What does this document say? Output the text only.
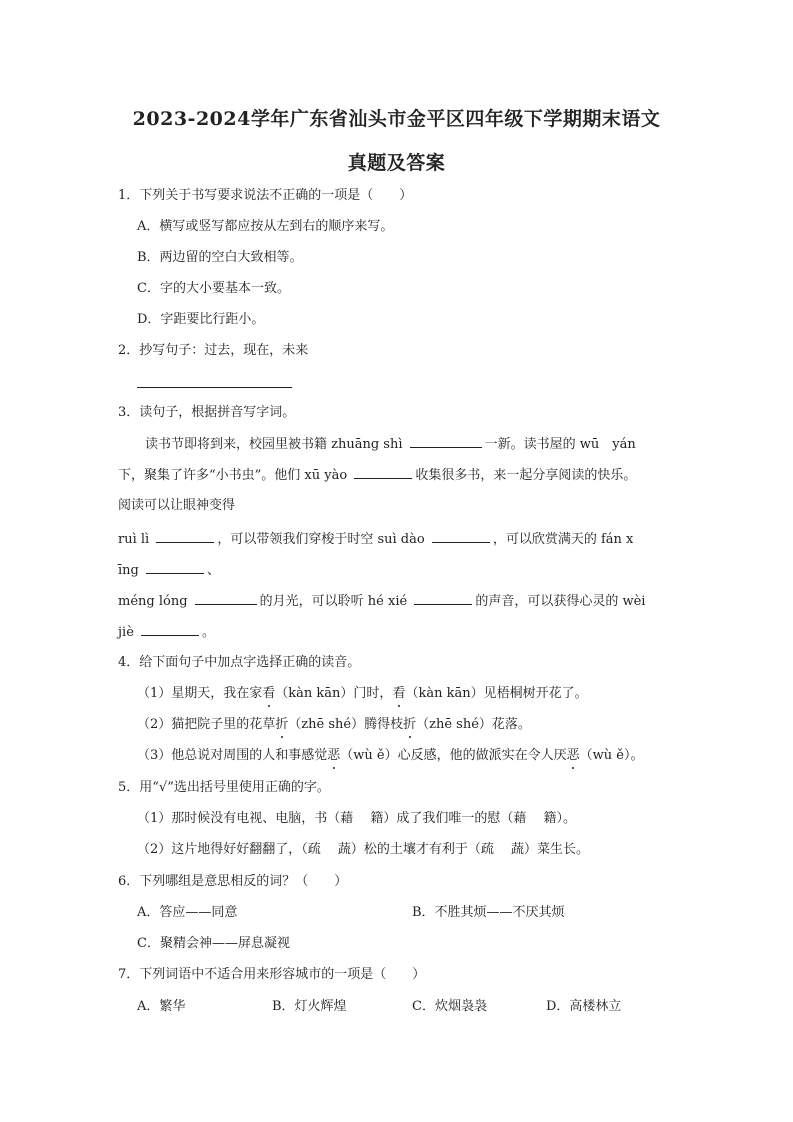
2023-2024学年广东省汕头市金平区四年级下学期期末语文
真题及答案
1．下列关于书写要求说法不正确的一项是（　　）
A．横写或竖写都应按从左到右的顺序来写。
B．两边留的空白大致相等。
C．字的大小要基本一致。
D．字距要比行距小。
2．抄写句子：过去，现在，未来
3．读句子，根据拼音写字词。
读书节即将到来，校园里被书籍 zhuāng shì	一新。读书屋的 wū　yán
下，聚集了许多“小书虫”。他们 xū yào	收集很多书，来一起分享阅读的快乐。
阅读可以让眼神变得
ruì lì	，可以带领我们穿梭于时空 suì dào	，可以欣赏满天的 fán x
īng	、
méng lóng	的月光，可以聆听 hé xié	的声音，可以获得心灵的 wèi
jiè	。
4．给下面句子中加点字选择正确的读音。
（1）星期天，我在家看（kàn kān）门时，看（kàn kān）见梧桐树开花了。
（2）猫把院子里的花草折（zhē shé）腾得枝折（zhē shé）花落。
（3）他总说对周围的人和事感觉恶（wù ě）心反感，他的做派实在令人厌恶（wù ě）。
5．用“√”选出括号里使用正确的字。
（1）那时候没有电视、电脑，书（藉　 籍）成了我们唯一的慰（藉　 籍）。
（2）这片地得好好翻翻了，（疏　 蔬）松的土壤才有利于（疏　 蔬）菜生长。
6．下列哪组是意思相反的词？（　　）
A．答应——同意	B．不胜其烦——不厌其烦
C．聚精会神——屏息凝视
7．下列词语中不适合用来形容城市的一项是（　　）
A．繁华	B．灯火辉煌	C．炊烟袅袅	D．高楼林立
